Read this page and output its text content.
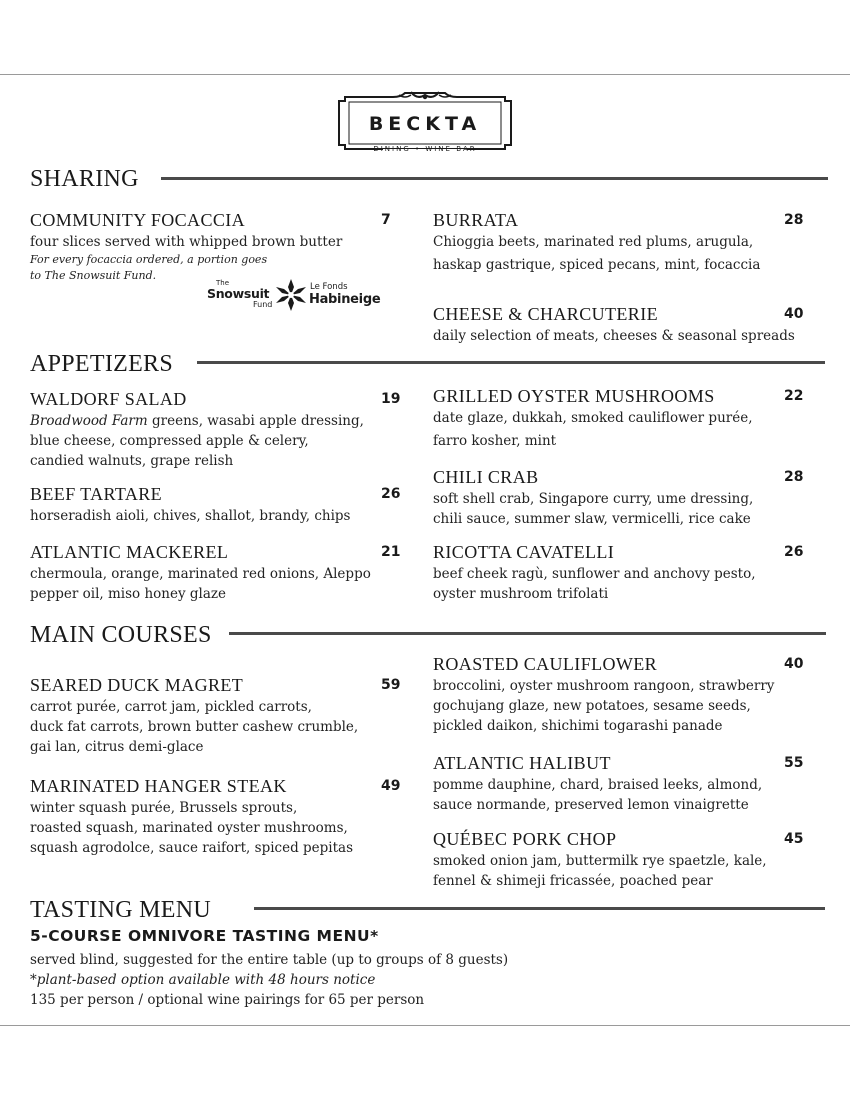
BECKTA
DINING • WINE BAR
SHARING
COMMUNITY FOCACCIA	7
four slices served with whipped brown butter
For every focaccia ordered, a portion goes
to The Snowsuit Fund.
The
Snowsuit
Fund
Le Fonds
Habineige
BURRATA	28
Chioggia beets, marinated red plums, arugula,
haskap gastrique, spiced pecans, mint, focaccia
CHEESE & CHARCUTERIE	40
daily selection of meats, cheeses & seasonal spreads
APPETIZERS
WALDORF SALAD	19
Broadwood Farm greens, wasabi apple dressing,
blue cheese, compressed apple & celery,
candied walnuts, grape relish
BEEF TARTARE	26
horseradish aioli, chives, shallot, brandy, chips
ATLANTIC MACKEREL	21
chermoula, orange, marinated red onions, Aleppo
pepper oil, miso honey glaze
GRILLED OYSTER MUSHROOMS	22
date glaze, dukkah, smoked cauliflower purée,
farro kosher, mint
CHILI CRAB	28
soft shell crab, Singapore curry, ume dressing,
chili sauce, summer slaw, vermicelli, rice cake
RICOTTA CAVATELLI	26
beef cheek ragù, sunflower and anchovy pesto,
oyster mushroom trifolati
MAIN COURSES
SEARED DUCK MAGRET	59
carrot purée, carrot jam, pickled carrots,
duck fat carrots, brown butter cashew crumble,
gai lan, citrus demi-glace
MARINATED HANGER STEAK	49
winter squash purée, Brussels sprouts,
roasted squash, marinated oyster mushrooms,
squash agrodolce, sauce raifort, spiced pepitas
ROASTED CAULIFLOWER	40
broccolini, oyster mushroom rangoon, strawberry
gochujang glaze, new potatoes, sesame seeds,
pickled daikon, shichimi togarashi panade
ATLANTIC HALIBUT	55
pomme dauphine, chard, braised leeks, almond,
sauce normande, preserved lemon vinaigrette
QUÉBEC PORK CHOP	45
smoked onion jam, buttermilk rye spaetzle, kale,
fennel & shimeji fricassée, poached pear
TASTING MENU
5-COURSE OMNIVORE TASTING MENU*
served blind, suggested for the entire table (up to groups of 8 guests)
*plant-based option available with 48 hours notice
135 per person / optional wine pairings for 65 per person
